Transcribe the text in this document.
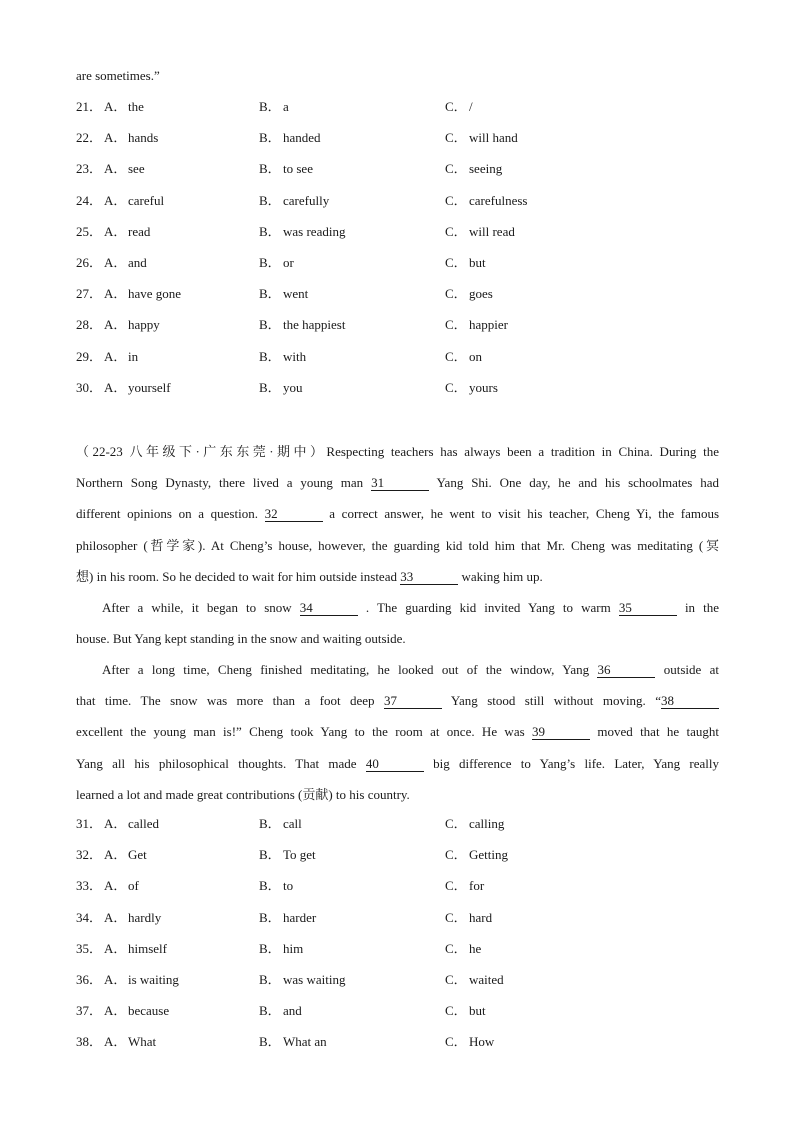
are sometimes.”
21． A． the	B． a	C． /
22． A． hands	B． handed	C． will hand
23． A． see	B． to see	C． seeing
24． A． careful	B． carefully	C． carefulness
25． A． read	B． was reading	C． will read
26． A． and	B． or	C． but
27． A． have gone	B． went	C． goes
28． A． happy	B． the happiest	C． happier
29． A． in	B． with	C． on
30． A． yourself	B． you	C． yours
（22-23 八年级下·广东东莞·期中）Respecting teachers has always been a tradition in China. During the
Northern Song Dynasty, there lived a young man 31	Yang Shi. One day, he and his schoolmates had
different opinions on a question. 32	a correct answer, he went to visit his teacher, Cheng Yi, the famous
philosopher (哲学家). At Cheng’s house, however, the guarding kid told him that Mr. Cheng was meditating (冥
想) in his room. So he decided to wait for him outside instead 33	waking him up.
After a while, it began to snow 34	. The guarding kid invited Yang to warm 35	in the
house. But Yang kept standing in the snow and waiting outside.
After a long time, Cheng finished meditating, he looked out of the window, Yang 36	outside at
that time. The snow was more than a foot deep 37	Yang stood still without moving. “38
excellent the young man is!” Cheng took Yang to the room at once. He was 39	moved that he taught
Yang all his philosophical thoughts. That made 40	big difference to Yang’s life. Later, Yang really
learned a lot and made great contributions (贡献) to his country.
31． A． called	B． call	C． calling
32． A． Get	B． To get	C． Getting
33． A． of	B． to	C． for
34． A． hardly	B． harder	C． hard
35． A． himself	B． him	C． he
36． A． is waiting	B． was waiting	C． waited
37． A． because	B． and	C． but
38． A． What	B． What an	C． How
